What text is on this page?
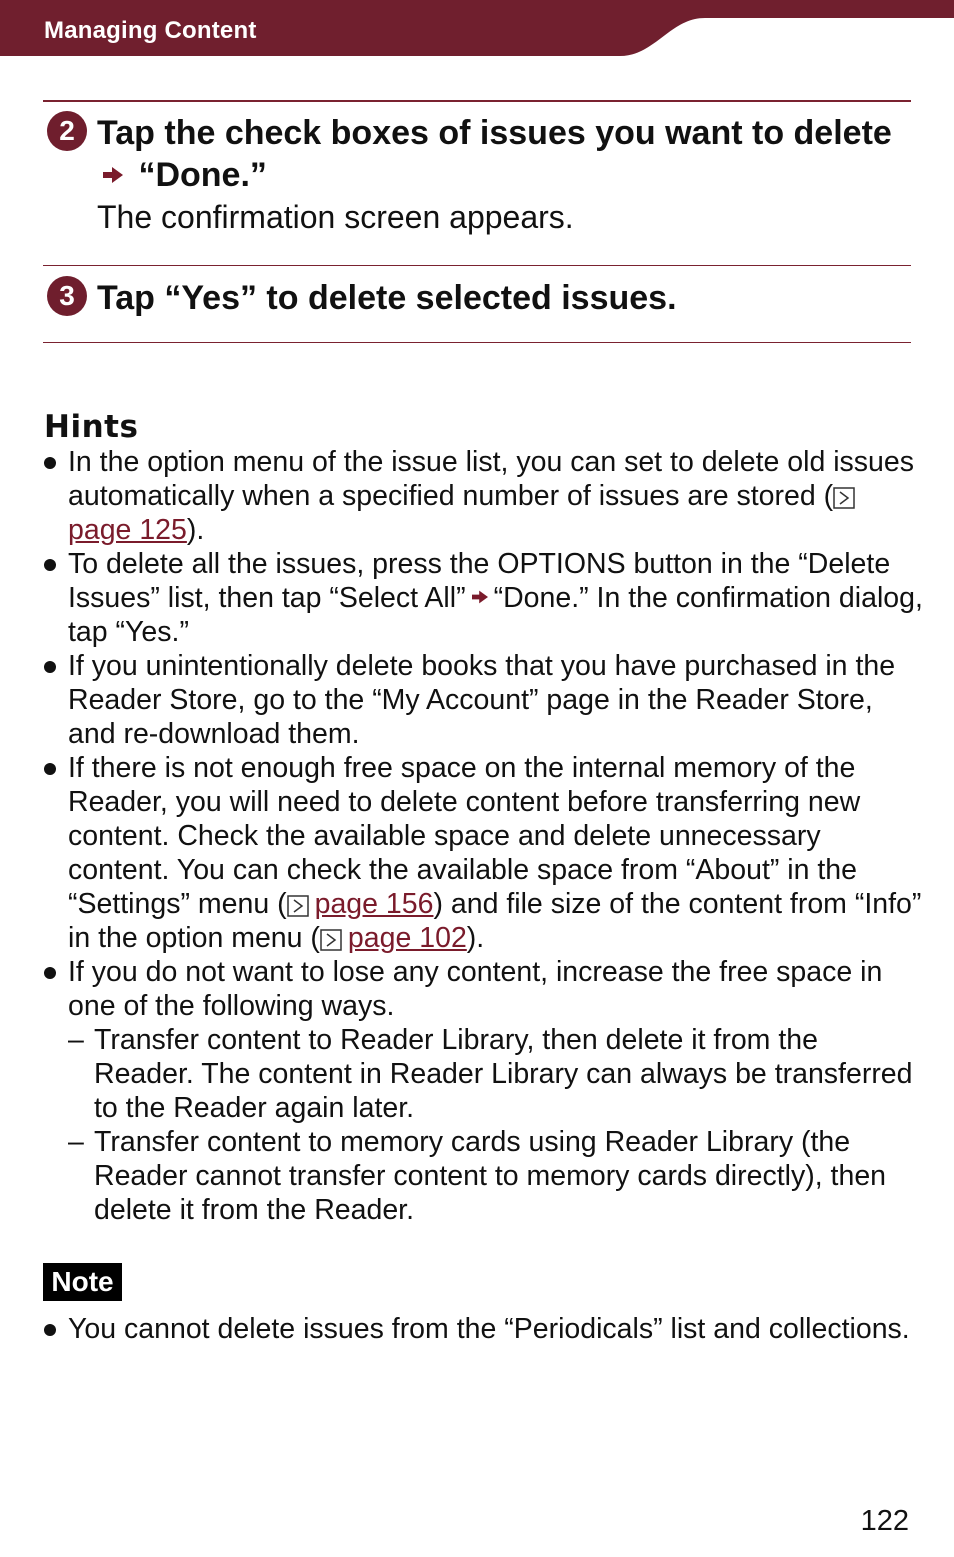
Managing Content
2 Tap the check boxes of issues you want to delete  “Done.”
The confirmation screen appears.
3 Tap “Yes” to delete selected issues.
Hints
In the option menu of the issue list, you can set to delete old issues automatically when a specified number of issues are stored (page 125).
To delete all the issues, press the OPTIONS button in the “Delete Issues” list, then tap “Select All” “Done.” In the confirmation dialog, tap “Yes.”
If you unintentionally delete books that you have purchased in the Reader Store, go to the “My Account” page in the Reader Store, and re-download them.
If there is not enough free space on the internal memory of the Reader, you will need to delete content before transferring new content. Check the available space and delete unnecessary content. You can check the available space from “About” in the “Settings” menu ( page 156) and file size of the content from “Info” in the option menu ( page 102).
If you do not want to lose any content, increase the free space in one of the following ways.
– Transfer content to Reader Library, then delete it from the Reader. The content in Reader Library can always be transferred to the Reader again later.
– Transfer content to memory cards using Reader Library (the Reader cannot transfer content to memory cards directly), then delete it from the Reader.
Note
You cannot delete issues from the “Periodicals” list and collections.
122
